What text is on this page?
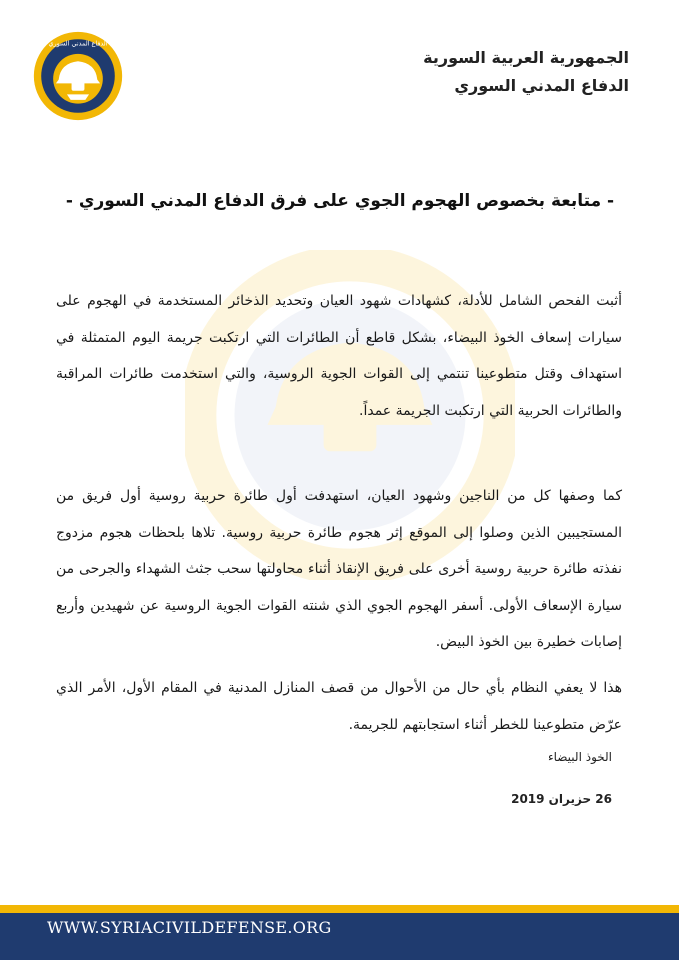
الدفاع المدني السوري
الجمهورية العربية السورية
الدفاع المدني السوري
- متابعة بخصوص الهجوم الجوي على فرق الدفاع المدني السوري -
أثبت الفحص الشامل للأدلة، كشهادات شهود العيان وتحديد الذخائر المستخدمة في الهجوم على سيارات إسعاف الخوذ البيضاء، بشكل قاطع أن الطائرات التي ارتكبت جريمة اليوم المتمثلة في استهداف وقتل متطوعينا تنتمي إلى القوات الجوية الروسية، والتي استخدمت طائرات المراقبة والطائرات الحربية التي ارتكبت الجريمة عمداً.
كما وصفها كل من الناجين وشهود العيان، استهدفت أول طائرة حربية روسية أول فريق من المستجيبين الذين وصلوا إلى الموقع إثر هجوم طائرة حربية روسية. تلاها بلحظات هجوم مزدوج نفذته طائرة حربية روسية أخرى على فريق الإنقاذ أثناء محاولتها سحب جثث الشهداء والجرحى من سيارة الإسعاف الأولى. أسفر الهجوم الجوي الذي شنته القوات الجوية الروسية عن شهيدين وأربع إصابات خطيرة بين الخوذ البيض.
هذا لا يعفي النظام بأي حال من الأحوال من قصف المنازل المدنية في المقام الأول، الأمر الذي عرّض متطوعينا للخطر أثناء استجابتهم للجريمة.
الخوذ البيضاء
26 حزيران 2019
WWW.SYRIACIVILDEFENSE.ORG
